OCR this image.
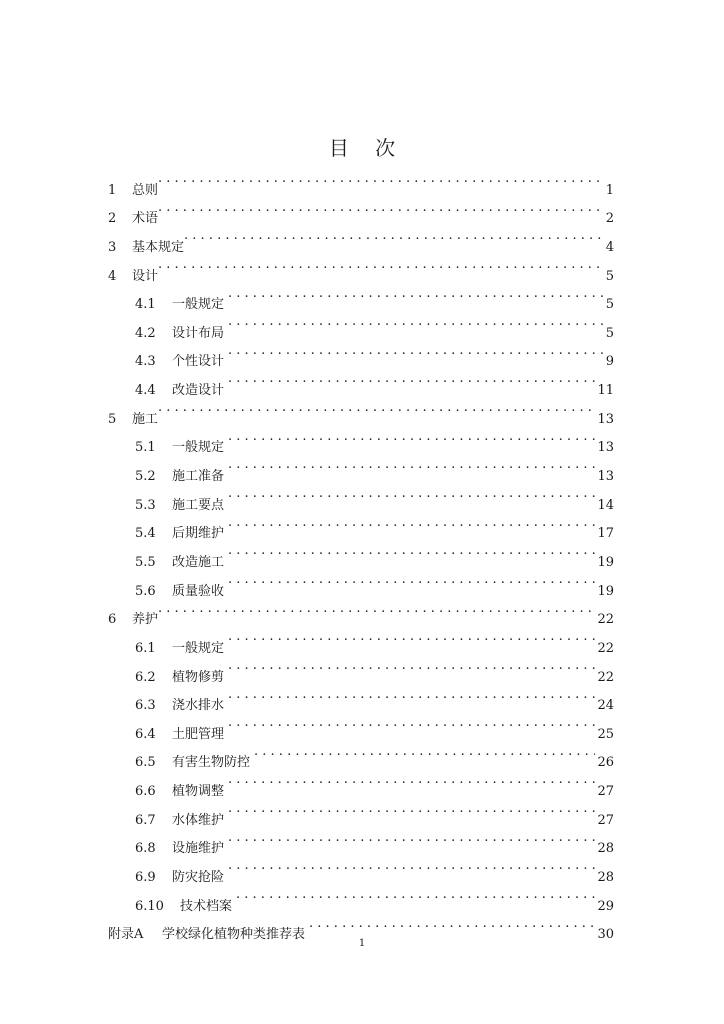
目 次
1	总则 . . .	1
2	术语 . . .	2
3	基本规定 . . .	4
4	设计 . . .	5
4.1	一般规定 . . .	5
4.2	设计布局 . . .	5
4.3	个性设计 . . .	9
4.4	改造设计 . . .	11
5	施工 . . .	13
5.1	一般规定 . . .	13
5.2	施工准备 . . .	13
5.3	施工要点 . . .	14
5.4	后期维护 . . .	17
5.5	改造施工 . . .	19
5.6	质量验收 . . .	19
6	养护 . . .	22
6.1	一般规定 . . .	22
6.2	植物修剪 . . .	22
6.3	浇水排水 . . .	24
6.4	土肥管理 . . .	25
6.5	有害生物防控 . . .	26
6.6	植物调整 . . .	27
6.7	水体维护 . . .	27
6.8	设施维护 . . .	28
6.9	防灾抢险 . . .	28
6.10	技术档案 . . .	29
附录A	学校绿化植物种类推荐表 . . .	30
1
